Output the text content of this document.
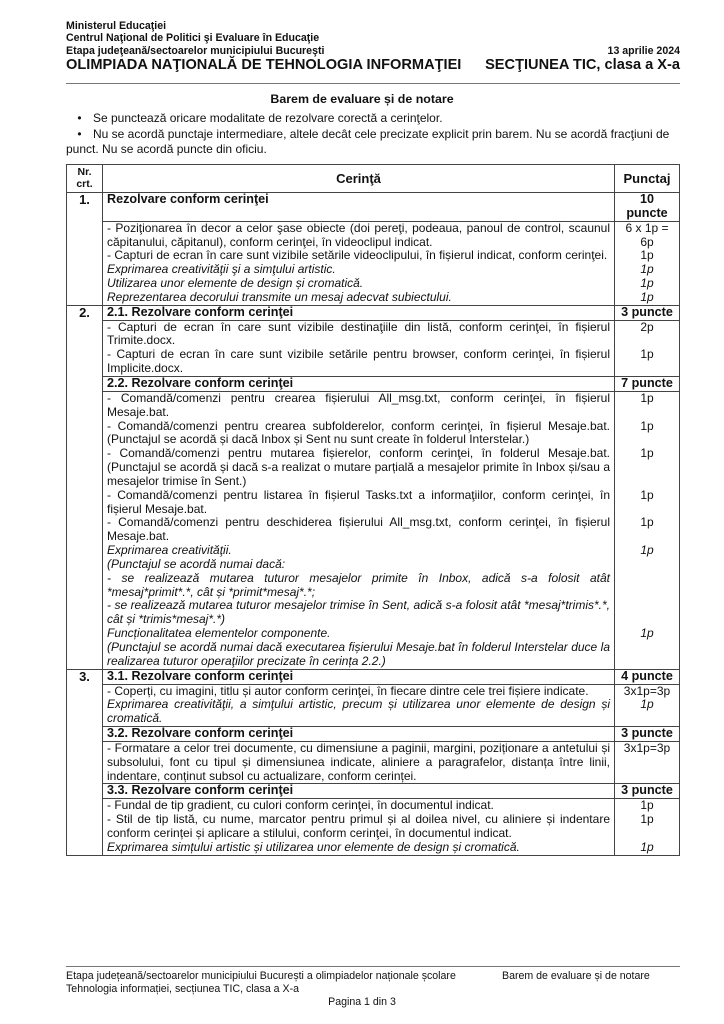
Ministerul Educaţiei
Centrul Naţional de Politici şi Evaluare în Educaţie
Etapa judeţeană/sectoarelor municipiului Bucureşti	13 aprilie 2024
OLIMPIADA NAŢIONALĂ DE TEHNOLOGIA INFORMAŢIEI SECŢIUNEA TIC, clasa a X-a
Barem de evaluare și de notare
• Se punctează oricare modalitate de rezolvare corectă a cerinţelor.
• Nu se acordă punctaje intermediare, altele decât cele precizate explicit prin barem. Nu se acordă fracţiuni de punct. Nu se acordă puncte din oficiu.
Nr. crt.	Cerinţă	Punctaj
1.	Rezolvare conform cerinţei	10 puncte
	- Poziţionarea în decor a celor şase obiecte (doi pereţi, podeaua, panoul de control, scaunul căpitanului, căpitanul), conform cerinţei, în videoclipul indicat.	6 x 1p = 6p
	- Capturi de ecran în care sunt vizibile setările videoclipului, în fișierul indicat, conform cerinţei.	1p
	Exprimarea creativităţii şi a simţului artistic.	1p
	Utilizarea unor elemente de design și cromatică.	1p
	Reprezentarea decorului transmite un mesaj adecvat subiectului.	1p
2.	2.1. Rezolvare conform cerinţei	3 puncte
	- Capturi de ecran în care sunt vizibile destinaţiile din listă, conform cerinţei, în fișierul Trimite.docx.	2p
	- Capturi de ecran în care sunt vizibile setările pentru browser, conform cerinţei, în fișierul Implicite.docx.	1p
	2.2. Rezolvare conform cerinţei	7 puncte
	- Comandă/comenzi pentru crearea fișierului All_msg.txt, conform cerinţei, în fișierul Mesaje.bat.	1p
	- Comandă/comenzi pentru crearea subfolderelor, conform cerinţei, în fișierul Mesaje.bat. (Punctajul se acordă și dacă Inbox și Sent nu sunt create în folderul Interstelar.)	1p
	- Comandă/comenzi pentru mutarea fișierelor, conform cerinţei, în folderul Mesaje.bat. (Punctajul se acordă și dacă s-a realizat o mutare parțială a mesajelor primite în Inbox și/sau a mesajelor trimise în Sent.)	1p
	- Comandă/comenzi pentru listarea în fișierul Tasks.txt a informaţiilor, conform cerinţei, în fișierul Mesaje.bat.	1p
	- Comandă/comenzi pentru deschiderea fișierului All_msg.txt, conform cerinţei, în fișierul Mesaje.bat.	1p
	Exprimarea creativităţii.	1p
	(Punctajul se acordă numai dacă:	
	- se realizează mutarea tuturor mesajelor primite în Inbox, adică s-a folosit atât *mesaj*primit*.*, cât și *primit*mesaj*.*;	
	- se realizează mutarea tuturor mesajelor trimise în Sent, adică s-a folosit atât *mesaj*trimis*.*, cât și *trimis*mesaj*.*)	
	Funcționalitatea elementelor componente.	1p
	(Punctajul se acordă numai dacă executarea fișierului Mesaje.bat în folderul Interstelar duce la realizarea tuturor operaţiilor precizate în cerința 2.2.)	
3.	3.1. Rezolvare conform cerinţei	4 puncte
	- Coperți, cu imagini, titlu și autor conform cerinţei, în fiecare dintre cele trei fișiere indicate.	3x1p=3p
	Exprimarea creativităţii, a simţului artistic, precum și utilizarea unor elemente de design și cromatică.	1p
	3.2. Rezolvare conform cerinţei	3 puncte
	- Formatare a celor trei documente, cu dimensiune a paginii, margini, poziționare a antetului și subsolului, font cu tipul și dimensiunea indicate, aliniere a paragrafelor, distanța între linii, indentare, conținut subsol cu actualizare, conform cerinței.	3x1p=3p
	3.3. Rezolvare conform cerinţei	3 puncte
	- Fundal de tip gradient, cu culori conform cerinţei, în documentul indicat.	1p
	- Stil de tip listă, cu nume, marcator pentru primul și al doilea nivel, cu aliniere și indentare conform cerinței și aplicare a stilului, conform cerinţei, în documentul indicat.	1p
	Exprimarea simțului artistic și utilizarea unor elemente de design și cromatică.	1p
Etapa județeană/sectoarelor municipiului București a olimpiadelor naționale școlare	Barem de evaluare și de notare
Tehnologia informației, secțiunea TIC, clasa a X-a
Pagina 1 din 3
